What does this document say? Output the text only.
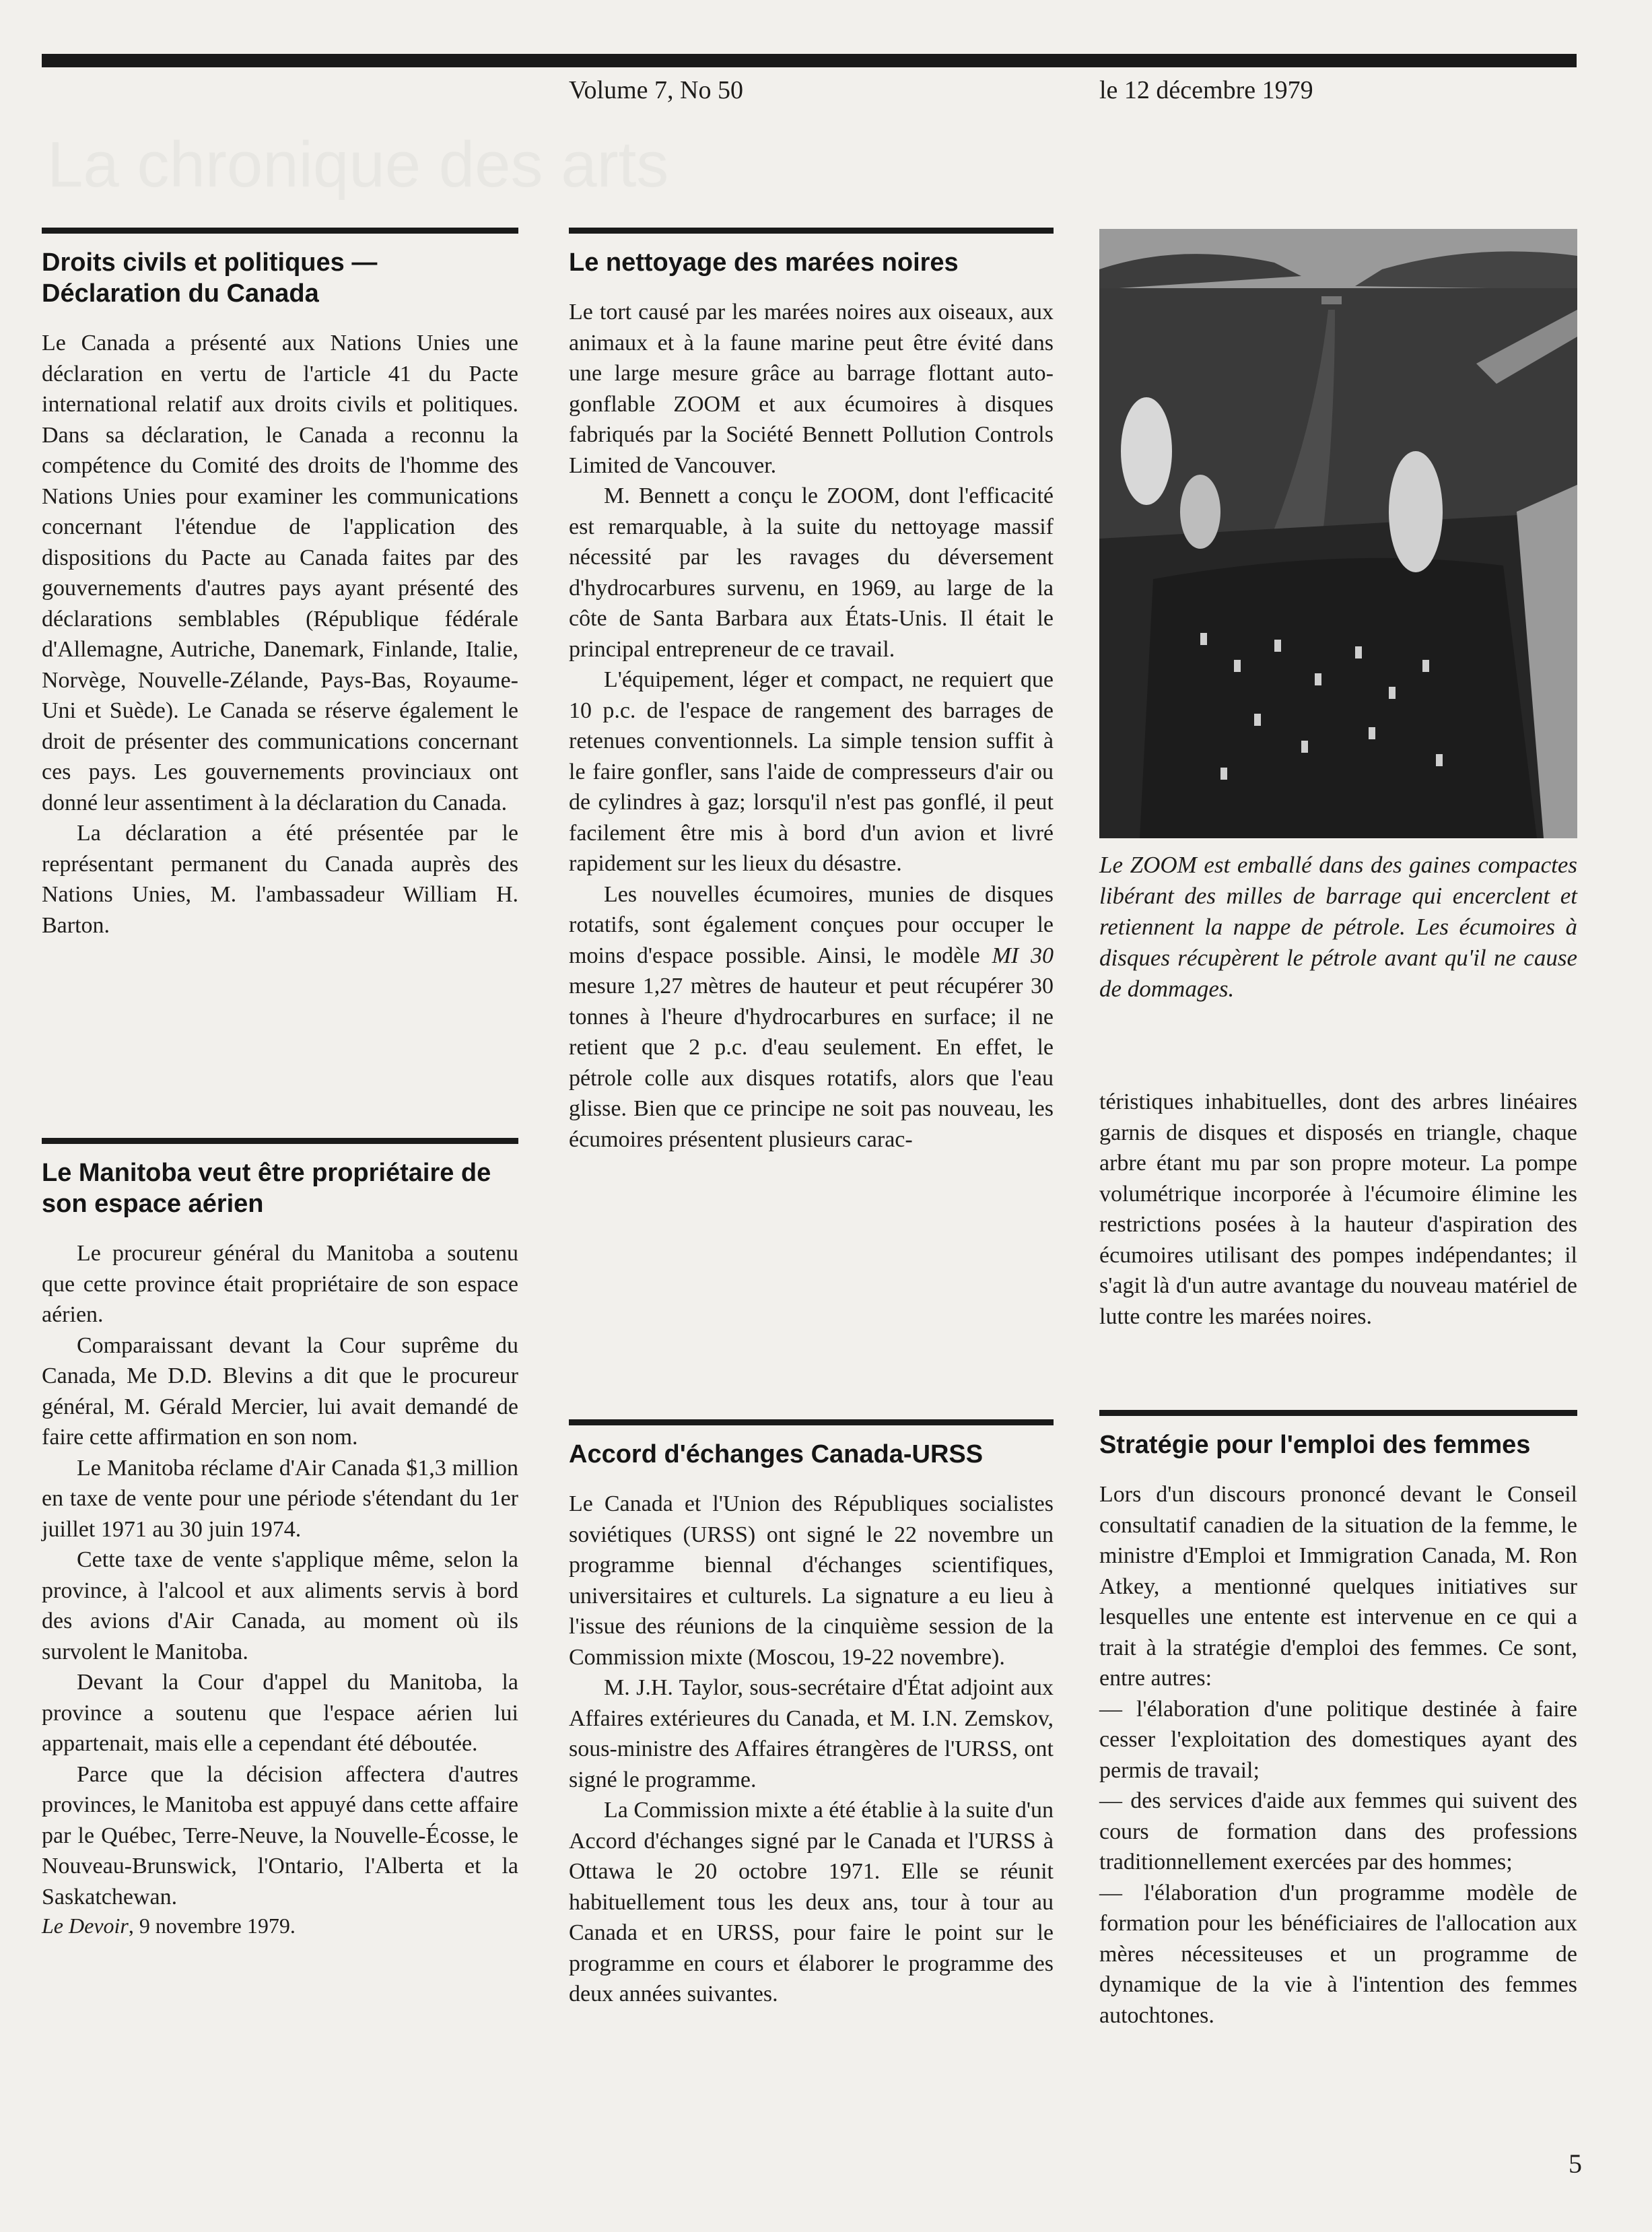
Volume 7, No 50	le 12 décembre 1979
La chronique des arts
Droits civils et politiques — Déclaration du Canada

Le Canada a présenté aux Nations Unies une déclaration en vertu de l'article 41 du Pacte international relatif aux droits civils et politiques. Dans sa déclaration, le Canada a reconnu la compétence du Comité des droits de l'homme des Nations Unies pour examiner les communications concernant l'étendue de l'application des dispositions du Pacte au Canada faites par des gouvernements d'autres pays ayant présenté des déclarations semblables (République fédérale d'Allemagne, Autriche, Danemark, Finlande, Italie, Norvège, Nouvelle-Zélande, Pays-Bas, Royaume-Uni et Suède). Le Canada se réserve également le droit de présenter des communications concernant ces pays. Les gouvernements provinciaux ont donné leur assentiment à la déclaration du Canada.

La déclaration a été présentée par le représentant permanent du Canada auprès des Nations Unies, M. l'ambassadeur William H. Barton.

Le Manitoba veut être propriétaire de son espace aérien

Le procureur général du Manitoba a soutenu que cette province était propriétaire de son espace aérien.

Comparaissant devant la Cour suprême du Canada, Me D.D. Blevins a dit que le procureur général, M. Gérald Mercier, lui avait demandé de faire cette affirmation en son nom.

Le Manitoba réclame d'Air Canada $1,3 million en taxe de vente pour une période s'étendant du 1er juillet 1971 au 30 juin 1974.

Cette taxe de vente s'applique même, selon la province, à l'alcool et aux aliments servis à bord des avions d'Air Canada, au moment où ils survolent le Manitoba.

Devant la Cour d'appel du Manitoba, la province a soutenu que l'espace aérien lui appartenait, mais elle a cependant été déboutée.

Parce que la décision affectera d'autres provinces, le Manitoba est appuyé dans cette affaire par le Québec, Terre-Neuve, la Nouvelle-Écosse, le Nouveau-Brunswick, l'Ontario, l'Alberta et la Saskatchewan.

Le Devoir, 9 novembre 1979.
Le nettoyage des marées noires

Le tort causé par les marées noires aux oiseaux, aux animaux et à la faune marine peut être évité dans une large mesure grâce au barrage flottant auto-gonflable ZOOM et aux écumoires à disques fabriqués par la Société Bennett Pollution Controls Limited de Vancouver.

M. Bennett a conçu le ZOOM, dont l'efficacité est remarquable, à la suite du nettoyage massif nécessité par les ravages du déversement d'hydrocarbures survenu, en 1969, au large de la côte de Santa Barbara aux États-Unis. Il était le principal entrepreneur de ce travail.

L'équipement, léger et compact, ne requiert que 10 p.c. de l'espace de rangement des barrages de retenues conventionnels. La simple tension suffit à le faire gonfler, sans l'aide de compresseurs d'air ou de cylindres à gaz; lorsqu'il n'est pas gonflé, il peut facilement être mis à bord d'un avion et livré rapidement sur les lieux du désastre.

Les nouvelles écumoires, munies de disques rotatifs, sont également conçues pour occuper le moins d'espace possible. Ainsi, le modèle MI 30 mesure 1,27 mètres de hauteur et peut récupérer 30 tonnes à l'heure d'hydrocarbures en surface; il ne retient que 2 p.c. d'eau seulement. En effet, le pétrole colle aux disques rotatifs, alors que l'eau glisse. Bien que ce principe ne soit pas nouveau, les écumoires présentent plusieurs carac-

Accord d'échanges Canada-URSS

Le Canada et l'Union des Républiques socialistes soviétiques (URSS) ont signé le 22 novembre un programme biennal d'échanges scientifiques, universitaires et culturels. La signature a eu lieu à l'issue des réunions de la cinquième session de la Commission mixte (Moscou, 19-22 novembre).

M. J.H. Taylor, sous-secrétaire d'État adjoint aux Affaires extérieures du Canada, et M. I.N. Zemskov, sous-ministre des Affaires étrangères de l'URSS, ont signé le programme.

La Commission mixte a été établie à la suite d'un Accord d'échanges signé par le Canada et l'URSS à Ottawa le 20 octobre 1971. Elle se réunit habituellement tous les deux ans, tour à tour au Canada et en URSS, pour faire le point sur le programme en cours et élaborer le programme des deux années suivantes.

Le ZOOM est emballé dans des gaines compactes libérant des milles de barrage qui encerclent et retiennent la nappe de pétrole. Les écumoires à disques récupèrent le pétrole avant qu'il ne cause de dommages.

téristiques inhabituelles, dont des arbres linéaires garnis de disques et disposés en triangle, chaque arbre étant mu par son propre moteur. La pompe volumétrique incorporée à l'écumoire élimine les restrictions posées à la hauteur d'aspiration des écumoires utilisant des pompes indépendantes; il s'agit là d'un autre avantage du nouveau matériel de lutte contre les marées noires.

Stratégie pour l'emploi des femmes

Lors d'un discours prononcé devant le Conseil consultatif canadien de la situation de la femme, le ministre d'Emploi et Immigration Canada, M. Ron Atkey, a mentionné quelques initiatives sur lesquelles une entente est intervenue en ce qui a trait à la stratégie d'emploi des femmes. Ce sont, entre autres:

— l'élaboration d'une politique destinée à faire cesser l'exploitation des domestiques ayant des permis de travail;

— des services d'aide aux femmes qui suivent des cours de formation dans des professions traditionnellement exercées par des hommes;

— l'élaboration d'un programme modèle de formation pour les bénéficiaires de l'allocation aux mères nécessiteuses et un programme de dynamique de la vie à l'intention des femmes autochtones.

5
